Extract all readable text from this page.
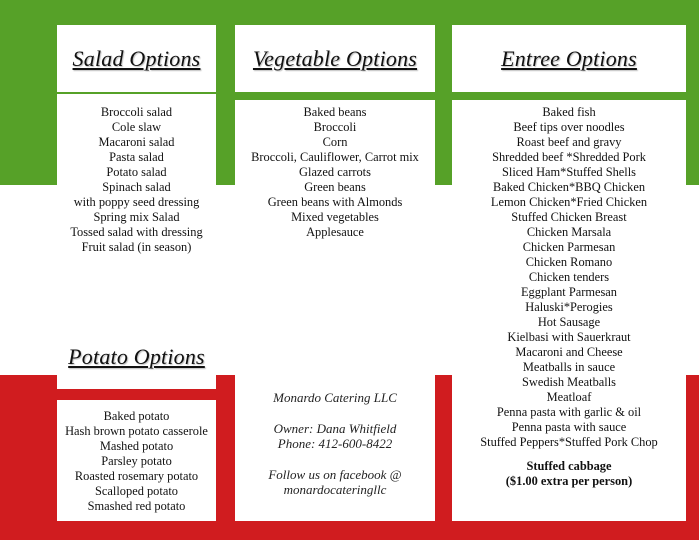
Salad Options Vegetable Options	Entree Options
Broccoli salad
Cole slaw
Macaroni salad
Pasta salad
Potato salad
Spinach salad
with poppy seed dressing
Spring mix Salad
Tossed salad with dressing
Fruit salad (in season)
Potato Options
Baked potato
Hash brown potato casserole
Mashed potato
Parsley potato
Roasted rosemary potato
Scalloped potato
Smashed red potato
Baked beans
Broccoli
Corn
Broccoli, Cauliflower, Carrot mix
Glazed carrots
Green beans
Green beans with Almonds
Mixed vegetables
Applesauce

Monardo Catering LLC

Owner: Dana Whitfield

Phone: 412-600-8422

Follow us on facebook @

monardocateringllc

Baked fish
Beef tips over noodles
Roast beef and gravy
Shredded beef *Shredded Pork
Sliced Ham*Stuffed Shells
Baked Chicken*BBQ Chicken
Lemon Chicken*Fried Chicken
Stuffed Chicken Breast
Chicken Marsala
Chicken Parmesan
Chicken Romano
Chicken tenders
Eggplant Parmesan
Haluski*Perogies
Hot Sausage
Kielbasi with Sauerkraut
Macaroni and Cheese
Meatballs in sauce
Swedish Meatballs
Meatloaf
Penna pasta with garlic & oil
Penna pasta with sauce
Stuffed Peppers*Stuffed Pork Chop
Stuffed cabbage
($1.00 extra per person)
